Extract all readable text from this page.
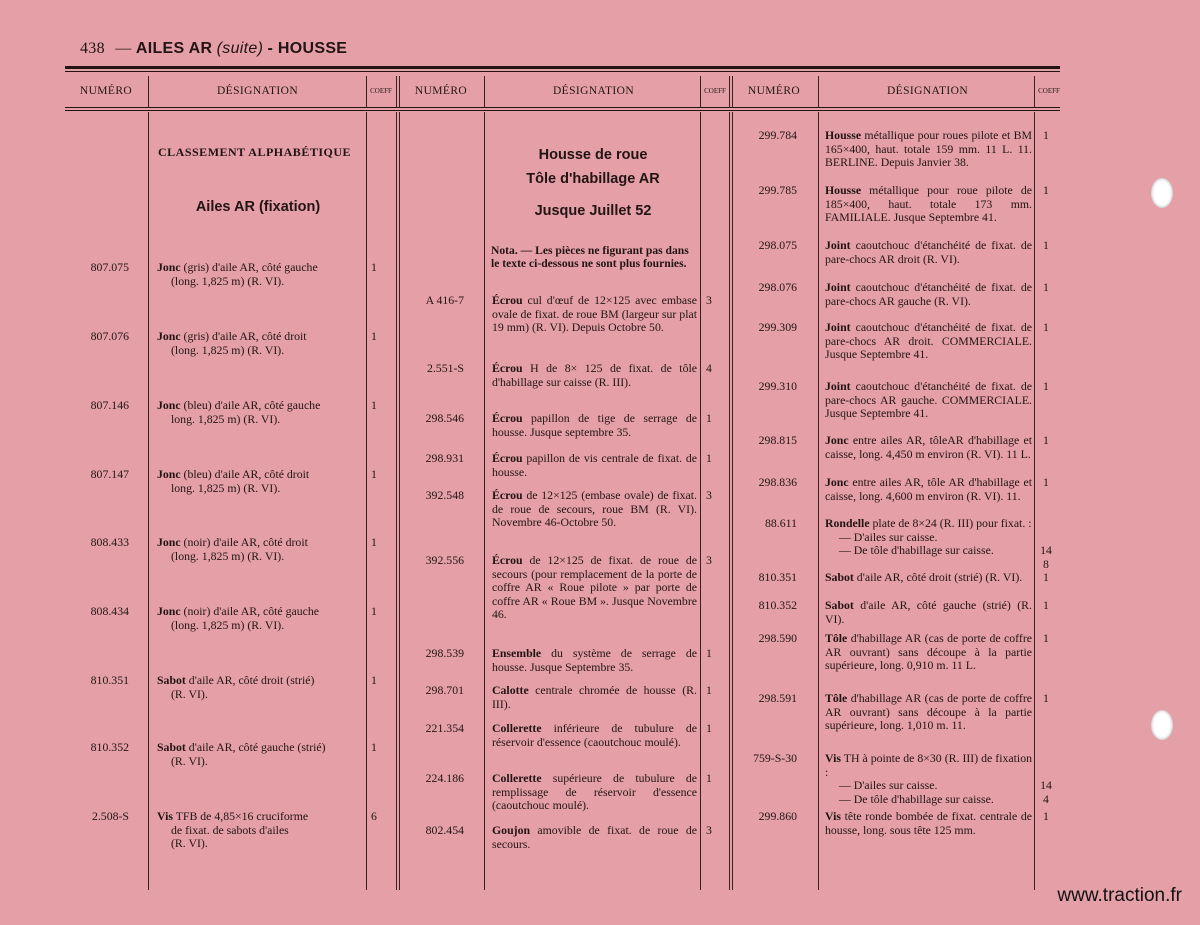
438 — AILES AR (suite) - HOUSSE
NUMÉRO	DÉSIGNATION	COEFF	NUMÉRO	DÉSIGNATION	COEFF	NUMÉRO	DÉSIGNATION	COEFF
CLASSEMENT ALPHABÉTIQUE
Ailes AR (fixation)
807.075 Jonc (gris) d'aile AR, côté gauche
(long. 1,825 m) (R. VI).
1
807.076 Jonc (gris) d'aile AR, côté droit
(long. 1,825 m) (R. VI).
1
807.146 Jonc (bleu) d'aile AR, côté gauche
long. 1,825 m) (R. VI).
1
807.147 Jonc (bleu) d'aile AR, côté droit
long. 1,825 m) (R. VI).
1
808.433 Jonc (noir) d'aile AR, côté droit
(long. 1,825 m) (R. VI).
1
808.434 Jonc (noir) d'aile AR, côté gauche
(long. 1,825 m) (R. VI).
1
810.351 Sabot d'aile AR, côté droit (strié)
(R. VI).
1
810.352 Sabot d'aile AR, côté gauche (strié)
(R. VI).
1
2.508-S Vis TFB de 4,85×16 cruciforme
de fixat. de sabots d'ailes
(R. VI).
6
Housse de roue
Tôle d'habillage AR
Jusque Juillet 52
Nota. — Les pièces ne figurant pas dans le texte ci-dessous ne sont plus fournies.
A 416-7 Écrou cul d'œuf de 12×125 avec embase ovale de fixat. de roue BM (largeur sur plat 19 mm) (R. VI). Depuis Octobre 50.
3
2.551-S Écrou H de 8× 125 de fixat. de tôle d'habillage sur caisse (R. III).
4
298.546 Écrou papillon de tige de serrage de housse. Jusque septembre 35.
1
298.931 Écrou papillon de vis centrale de fixat. de housse.
1
392.548 Écrou de 12×125 (embase ovale) de fixat. de roue de secours, roue BM (R. VI). Novembre 46-Octobre 50.
3
392.556 Écrou de 12×125 de fixat. de roue de secours (pour remplacement de la porte de coffre AR « Roue pilote » par porte de coffre AR « Roue BM ». Jusque Novembre 46.
3
298.539 Ensemble du système de serrage de housse. Jusque Septembre 35.
1
298.701 Calotte centrale chromée de housse (R. III).
1
221.354 Collerette inférieure de tubulure de réservoir d'essence (caoutchouc moulé).
1
224.186 Collerette supérieure de tubulure de remplissage de réservoir d'essence (caoutchouc moulé).
1
802.454 Goujon amovible de fixat. de roue de secours.
3
299.784 Housse métallique pour roues pilote et BM 165×400, haut. totale 159 mm. 11 L. 11. BERLINE. Depuis Janvier 38.
1
299.785 Housse métallique pour roue pilote de 185×400, haut. totale 173 mm. FAMILIALE. Jusque Septembre 41.
1
298.075 Joint caoutchouc d'étanchéité de fixat. de pare-chocs AR droit (R. VI).
1
298.076 Joint caoutchouc d'étanchéité de fixat. de pare-chocs AR gauche (R. VI).
1
299.309 Joint caoutchouc d'étanchéité de fixat. de pare-chocs AR droit. COMMERCIALE. Jusque Septembre 41.
1
299.310 Joint caoutchouc d'étanchéité de fixat. de pare-chocs AR gauche. COMMERCIALE. Jusque Septembre 41.
1
298.815 Jonc entre ailes AR, tôleAR d'habillage et caisse, long. 4,450 m environ (R. VI). 11 L.
1
298.836 Jonc entre ailes AR, tôle AR d'habillage et caisse, long. 4,600 m environ (R. VI). 11.
1
88.611 Rondelle plate de 8×24 (R. III) pour fixat. :
— D'ailes sur caisse.
— De tôle d'habillage sur caisse.	14
8
810.351 Sabot d'aile AR, côté droit (strié) (R. VI).	1
810.352 Sabot d'aile AR, côté gauche (strié) (R. VI).
1
298.590 Tôle d'habillage AR (cas de porte de coffre AR ouvrant) sans découpe à la partie supérieure, long. 0,910 m. 11 L.
1
298.591 Tôle d'habillage AR (cas de porte de coffre AR ouvrant) sans découpe à la partie supérieure, long. 1,010 m. 11.
1
759-S-30 Vis TH à pointe de 8×30 (R. III) de fixation :
— D'ailes sur caisse.
— De tôle d'habillage sur caisse.
14
4
299.860 Vis tête ronde bombée de fixat. centrale de housse, long. sous tête 125 mm.
1
www.traction.fr
